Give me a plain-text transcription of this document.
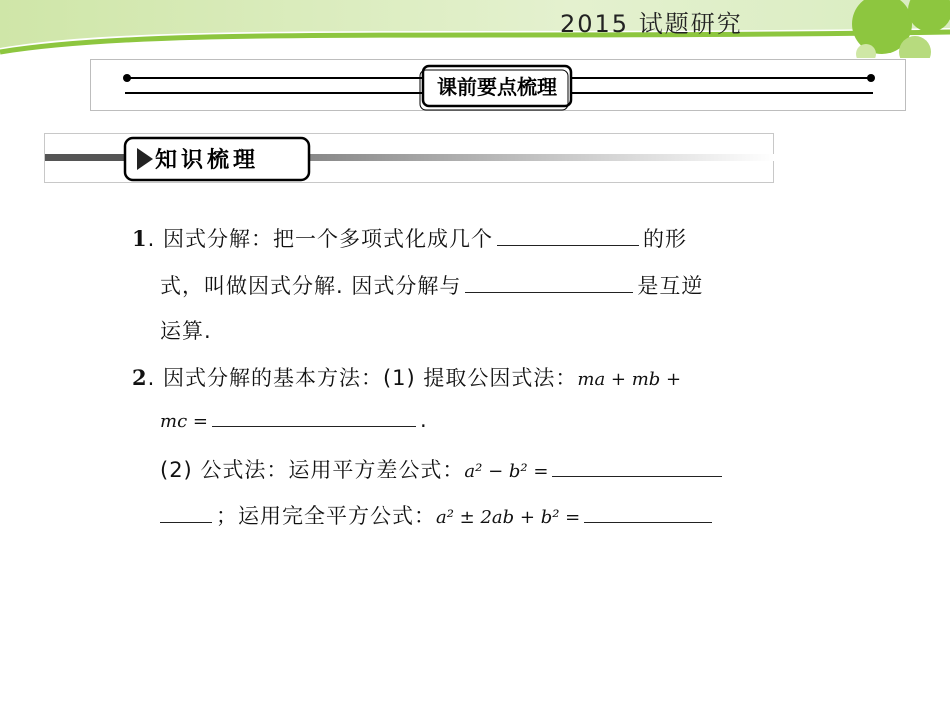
2015 试题研究
课前要点梳理
知识梳理
1. 因式分解：把一个多项式化成几个	的形
式，叫做因式分解. 因式分解与	是互逆
运算.
2. 因式分解的基本方法：(1) 提取公因式法：ma + mb +
mc =	.
(2) 公式法：运用平方差公式：a² − b² =
；运用完全平方公式：a² ± 2ab + b² =
